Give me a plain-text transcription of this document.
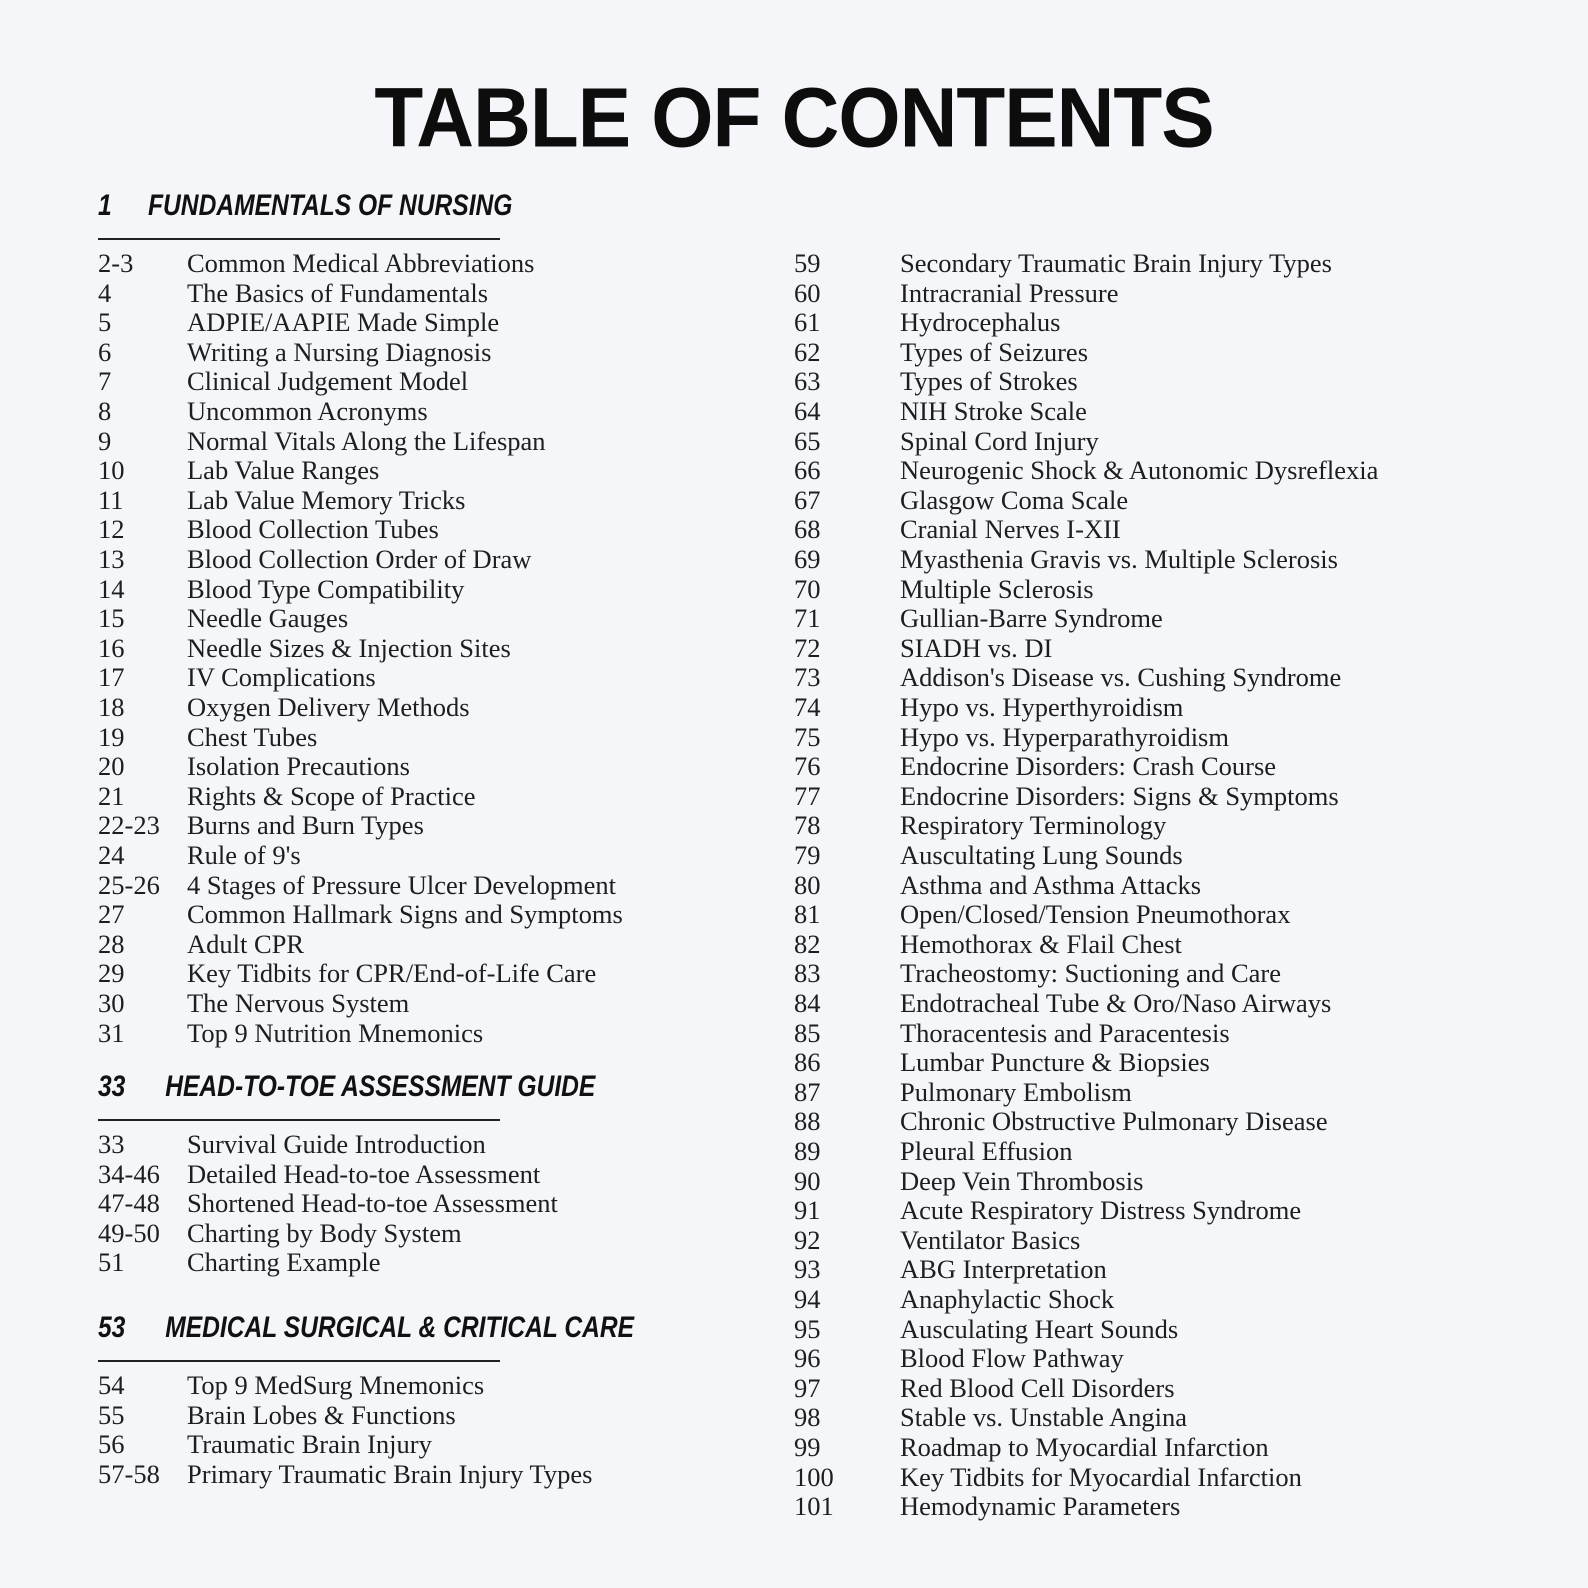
TABLE OF CONTENTS
1	FUNDAMENTALS OF NURSING
2-3 Common Medical Abbreviations
4	The Basics of Fundamentals
5	ADPIE/AAPIE Made Simple
6	Writing a Nursing Diagnosis
7	Clinical Judgement Model
8	Uncommon Acronyms
9	Normal Vitals Along the Lifespan
10 Lab Value Ranges
11 Lab Value Memory Tricks
12 Blood Collection Tubes
13 Blood Collection Order of Draw
14 Blood Type Compatibility
15 Needle Gauges
16 Needle Sizes & Injection Sites
17 IV Complications
18 Oxygen Delivery Methods
19 Chest Tubes
20 Isolation Precautions
21 Rights & Scope of Practice
22-23 Burns and Burn Types
24 Rule of 9's
25-26 4 Stages of Pressure Ulcer Development
27 Common Hallmark Signs and Symptoms
28 Adult CPR
29 Key Tidbits for CPR/End-of-Life Care
30 The Nervous System
31 Top 9 Nutrition Mnemonics
33	HEAD-TO-TOE ASSESSMENT GUIDE
33 Survival Guide Introduction
34-46 Detailed Head-to-toe Assessment
47-48 Shortened Head-to-toe Assessment
49-50 Charting by Body System
51 Charting Example
53	MEDICAL SURGICAL & CRITICAL CARE
54 Top 9 MedSurg Mnemonics
55 Brain Lobes & Functions
56 Traumatic Brain Injury
57-58 Primary Traumatic Brain Injury Types
59	Secondary Traumatic Brain Injury Types
60	Intracranial Pressure
61	Hydrocephalus
62	Types of Seizures
63	Types of Strokes
64	NIH Stroke Scale
65	Spinal Cord Injury
66	Neurogenic Shock & Autonomic Dysreflexia
67	Glasgow Coma Scale
68	Cranial Nerves I-XII
69	Myasthenia Gravis vs. Multiple Sclerosis
70	Multiple Sclerosis
71	Gullian-Barre Syndrome
72	SIADH vs. DI
73	Addison's Disease vs. Cushing Syndrome
74	Hypo vs. Hyperthyroidism
75	Hypo vs. Hyperparathyroidism
76	Endocrine Disorders: Crash Course
77	Endocrine Disorders: Signs & Symptoms
78	Respiratory Terminology
79	Auscultating Lung Sounds
80	Asthma and Asthma Attacks
81	Open/Closed/Tension Pneumothorax
82	Hemothorax & Flail Chest
83	Tracheostomy: Suctioning and Care
84	Endotracheal Tube & Oro/Naso Airways
85	Thoracentesis and Paracentesis
86	Lumbar Puncture & Biopsies
87	Pulmonary Embolism
88	Chronic Obstructive Pulmonary Disease
89	Pleural Effusion
90	Deep Vein Thrombosis
91	Acute Respiratory Distress Syndrome
92	Ventilator Basics
93	ABG Interpretation
94	Anaphylactic Shock
95	Ausculating Heart Sounds
96	Blood Flow Pathway
97	Red Blood Cell Disorders
98	Stable vs. Unstable Angina
99	Roadmap to Myocardial Infarction
100	Key Tidbits for Myocardial Infarction
101	Hemodynamic Parameters
